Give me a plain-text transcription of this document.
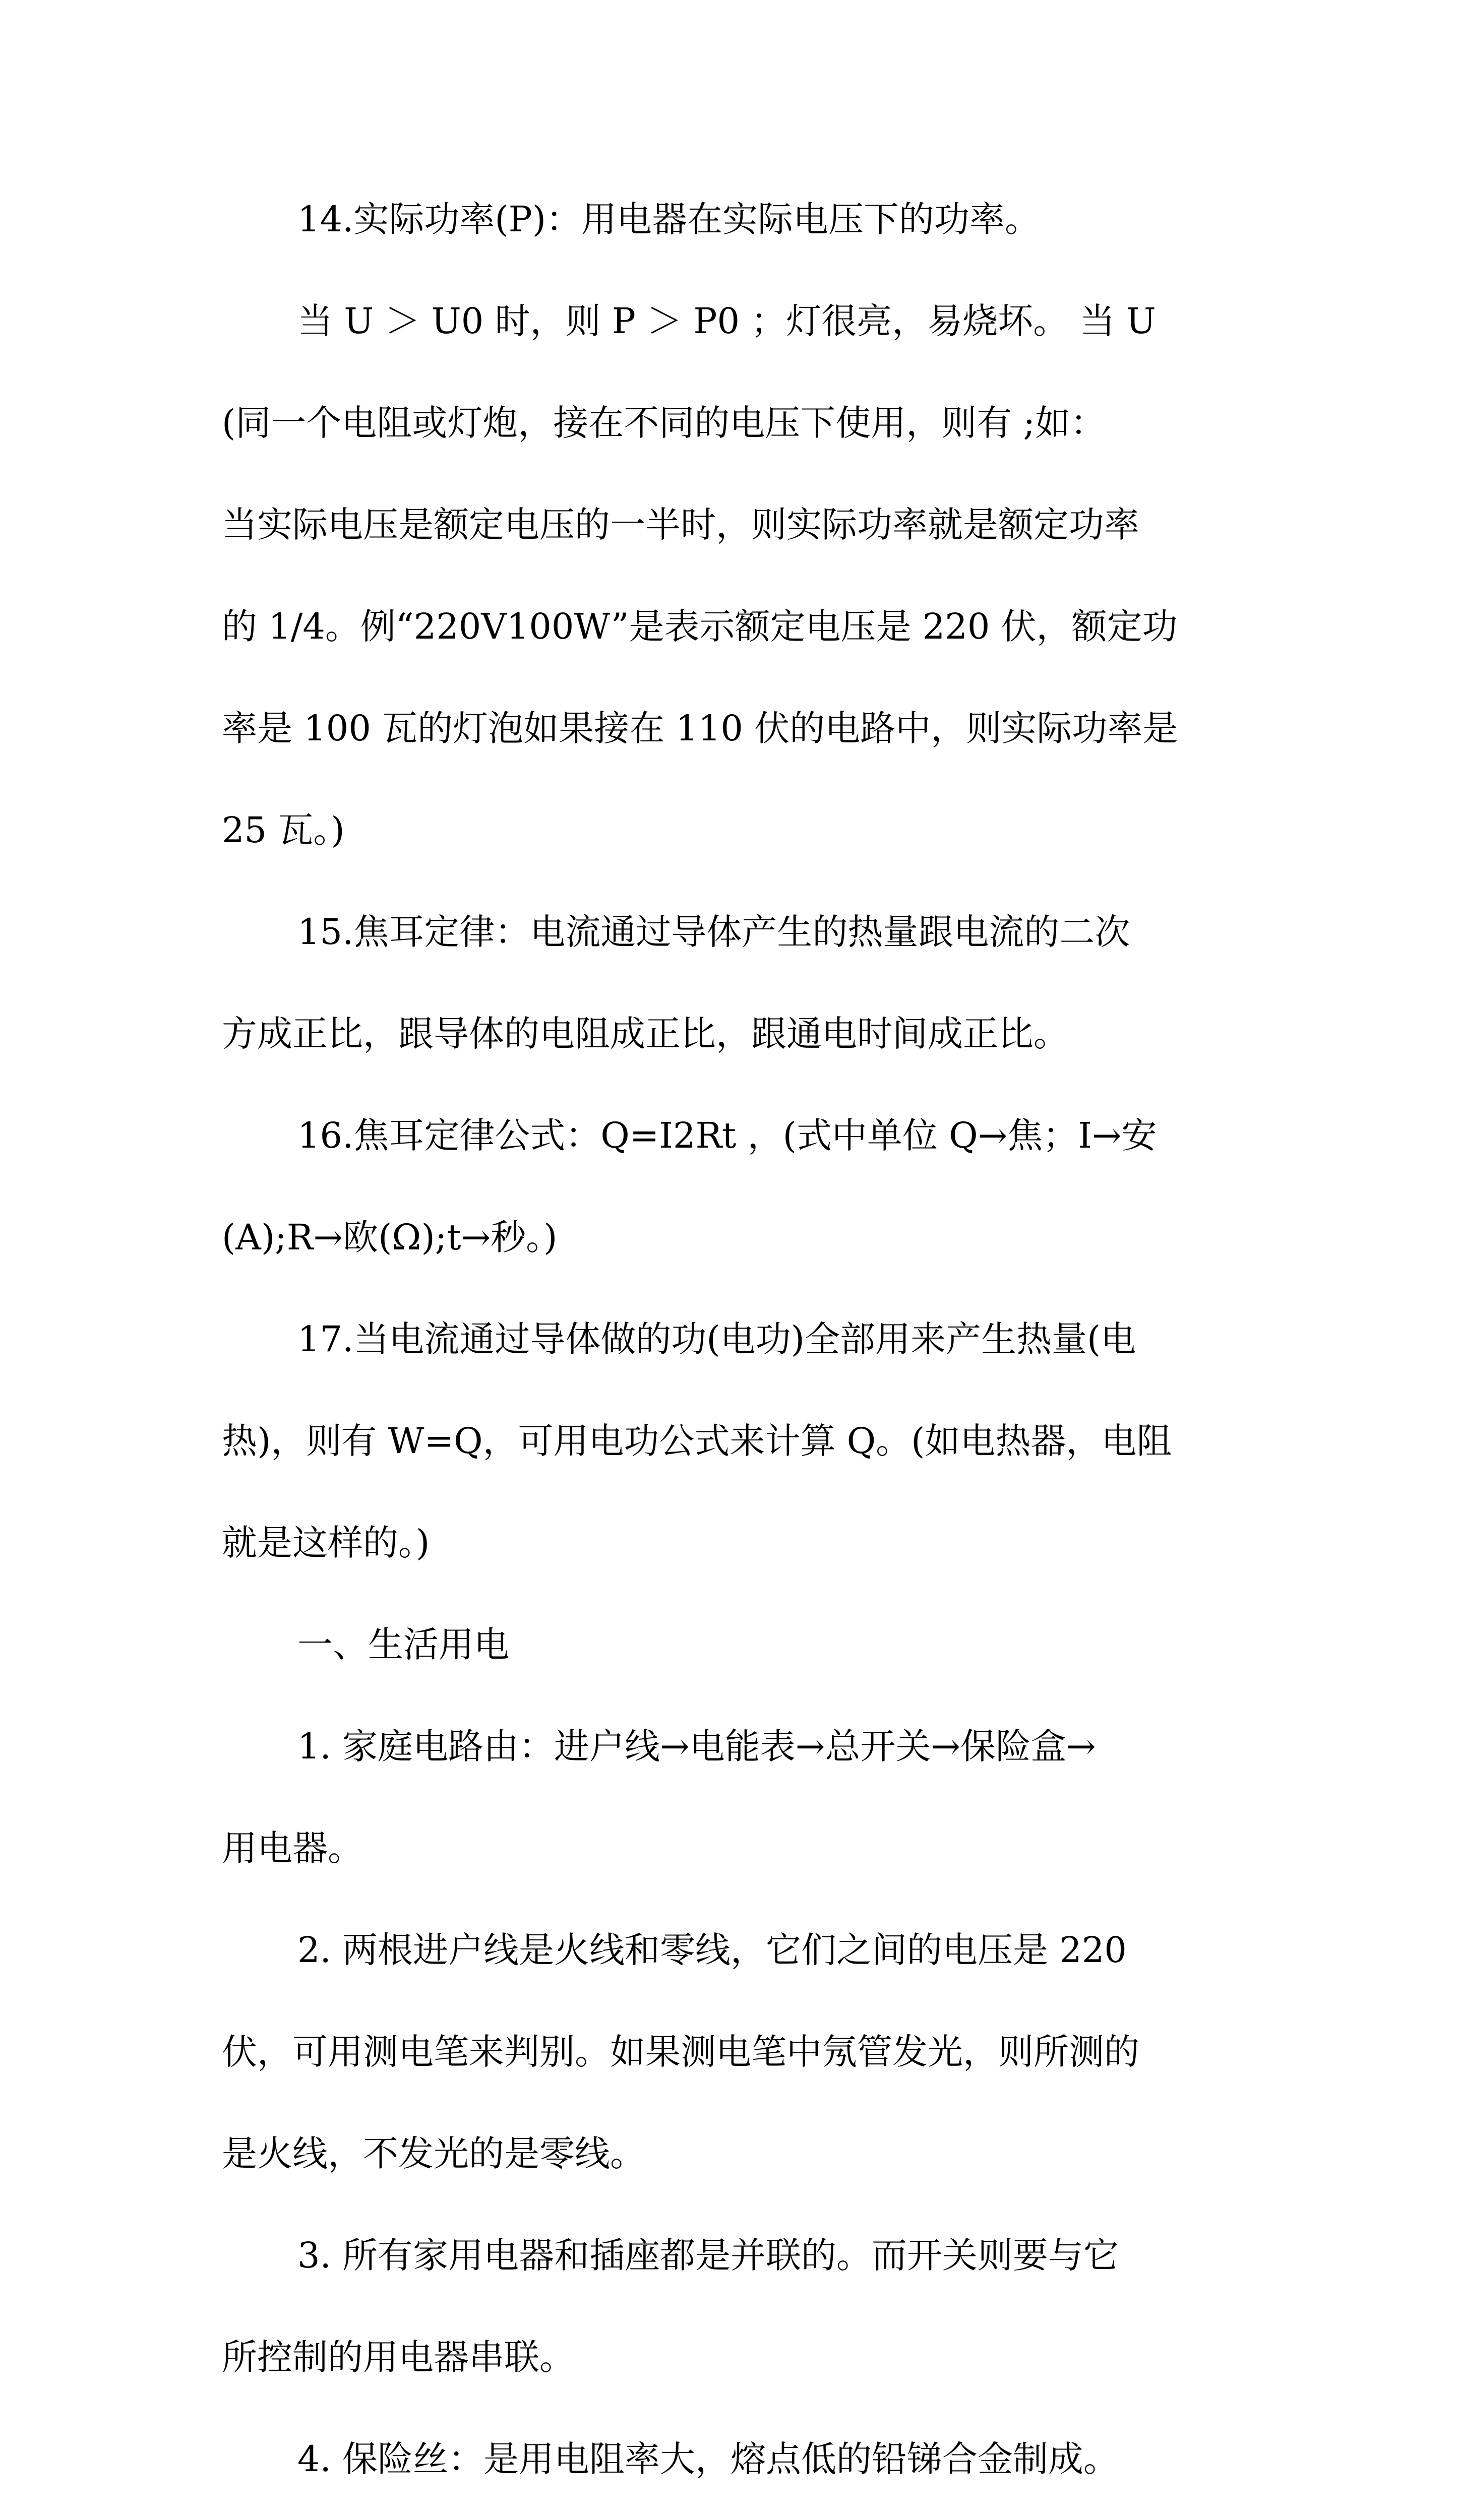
14.实际功率(P)：用电器在实际电压下的功率。
当 U ＞ U0 时，则 P ＞ P0 ；灯很亮，易烧坏。 当 U
(同一个电阻或灯炮，接在不同的电压下使用，则有 ;如：
当实际电压是额定电压的一半时，则实际功率就是额定功率
的 1/4。例“220V100W”是表示额定电压是 220 伏，额定功
率是 100 瓦的灯泡如果接在 110 伏的电路中，则实际功率是
25 瓦。)
15.焦耳定律：电流通过导体产生的热量跟电流的二次
方成正比，跟导体的电阻成正比，跟通电时间成正比。
16.焦耳定律公式：Q=I2Rt ，(式中单位 Q→焦；I→安
(A);R→欧(Ω);t→秒。)
17.当电流通过导体做的功(电功)全部用来产生热量(电
热)，则有 W=Q，可用电功公式来计算 Q。(如电热器，电阻
就是这样的。)
一、生活用电
1. 家庭电路由：进户线→电能表→总开关→保险盒→
用电器。
2. 两根进户线是火线和零线，它们之间的电压是 220
伏，可用测电笔来判别。如果测电笔中氖管发光，则所测的
是火线，不发光的是零线。
3. 所有家用电器和插座都是并联的。而开关则要与它
所控制的用电器串联。
4. 保险丝：是用电阻率大，熔点低的铅锑合金制成。
